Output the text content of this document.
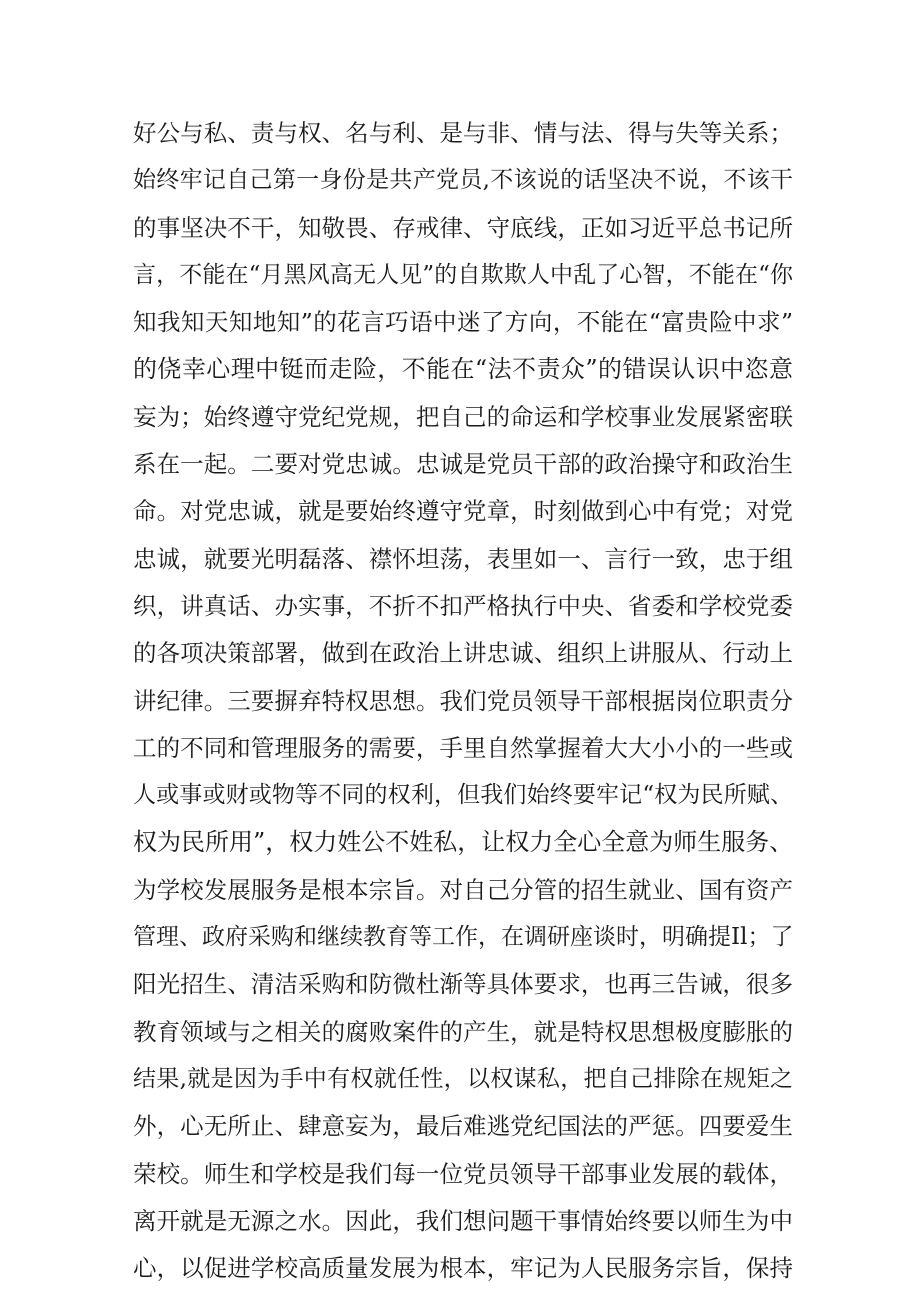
好公与私、责与权、名与利、是与非、情与法、得与失等关系；
始终牢记自己第一身份是共产党员,不该说的话坚决不说，不该干
的事坚决不干，知敬畏、存戒律、守底线，正如习近平总书记所
言，不能在“月黑风高无人见”的自欺欺人中乱了心智，不能在“你
知我知天知地知”的花言巧语中迷了方向，不能在“富贵险中求”
的侥幸心理中铤而走险，不能在“法不责众”的错误认识中恣意
妄为；始终遵守党纪党规，把自己的命运和学校事业发展紧密联
系在一起。二要对党忠诚。忠诚是党员干部的政治操守和政治生
命。对党忠诚，就是要始终遵守党章，时刻做到心中有党；对党
忠诚，就要光明磊落、襟怀坦荡，表里如一、言行一致，忠于组
织，讲真话、办实事，不折不扣严格执行中央、省委和学校党委
的各项决策部署，做到在政治上讲忠诚、组织上讲服从、行动上
讲纪律。三要摒弃特权思想。我们党员领导干部根据岗位职责分
工的不同和管理服务的需要，手里自然掌握着大大小小的一些或
人或事或财或物等不同的权利，但我们始终要牢记“权为民所赋、
权为民所用”，权力姓公不姓私，让权力全心全意为师生服务、
为学校发展服务是根本宗旨。对自己分管的招生就业、国有资产
管理、政府采购和继续教育等工作，在调研座谈时，明确提Il；了
阳光招生、清洁采购和防微杜渐等具体要求，也再三告诫，很多
教育领域与之相关的腐败案件的产生，就是特权思想极度膨胀的
结果,就是因为手中有权就任性，以权谋私，把自己排除在规矩之
外，心无所止、肆意妄为，最后难逃党纪国法的严惩。四要爱生
荣校。师生和学校是我们每一位党员领导干部事业发展的载体，
离开就是无源之水。因此，我们想问题干事情始终要以师生为中
心，以促进学校高质量发展为根本，牢记为人民服务宗旨，保持
